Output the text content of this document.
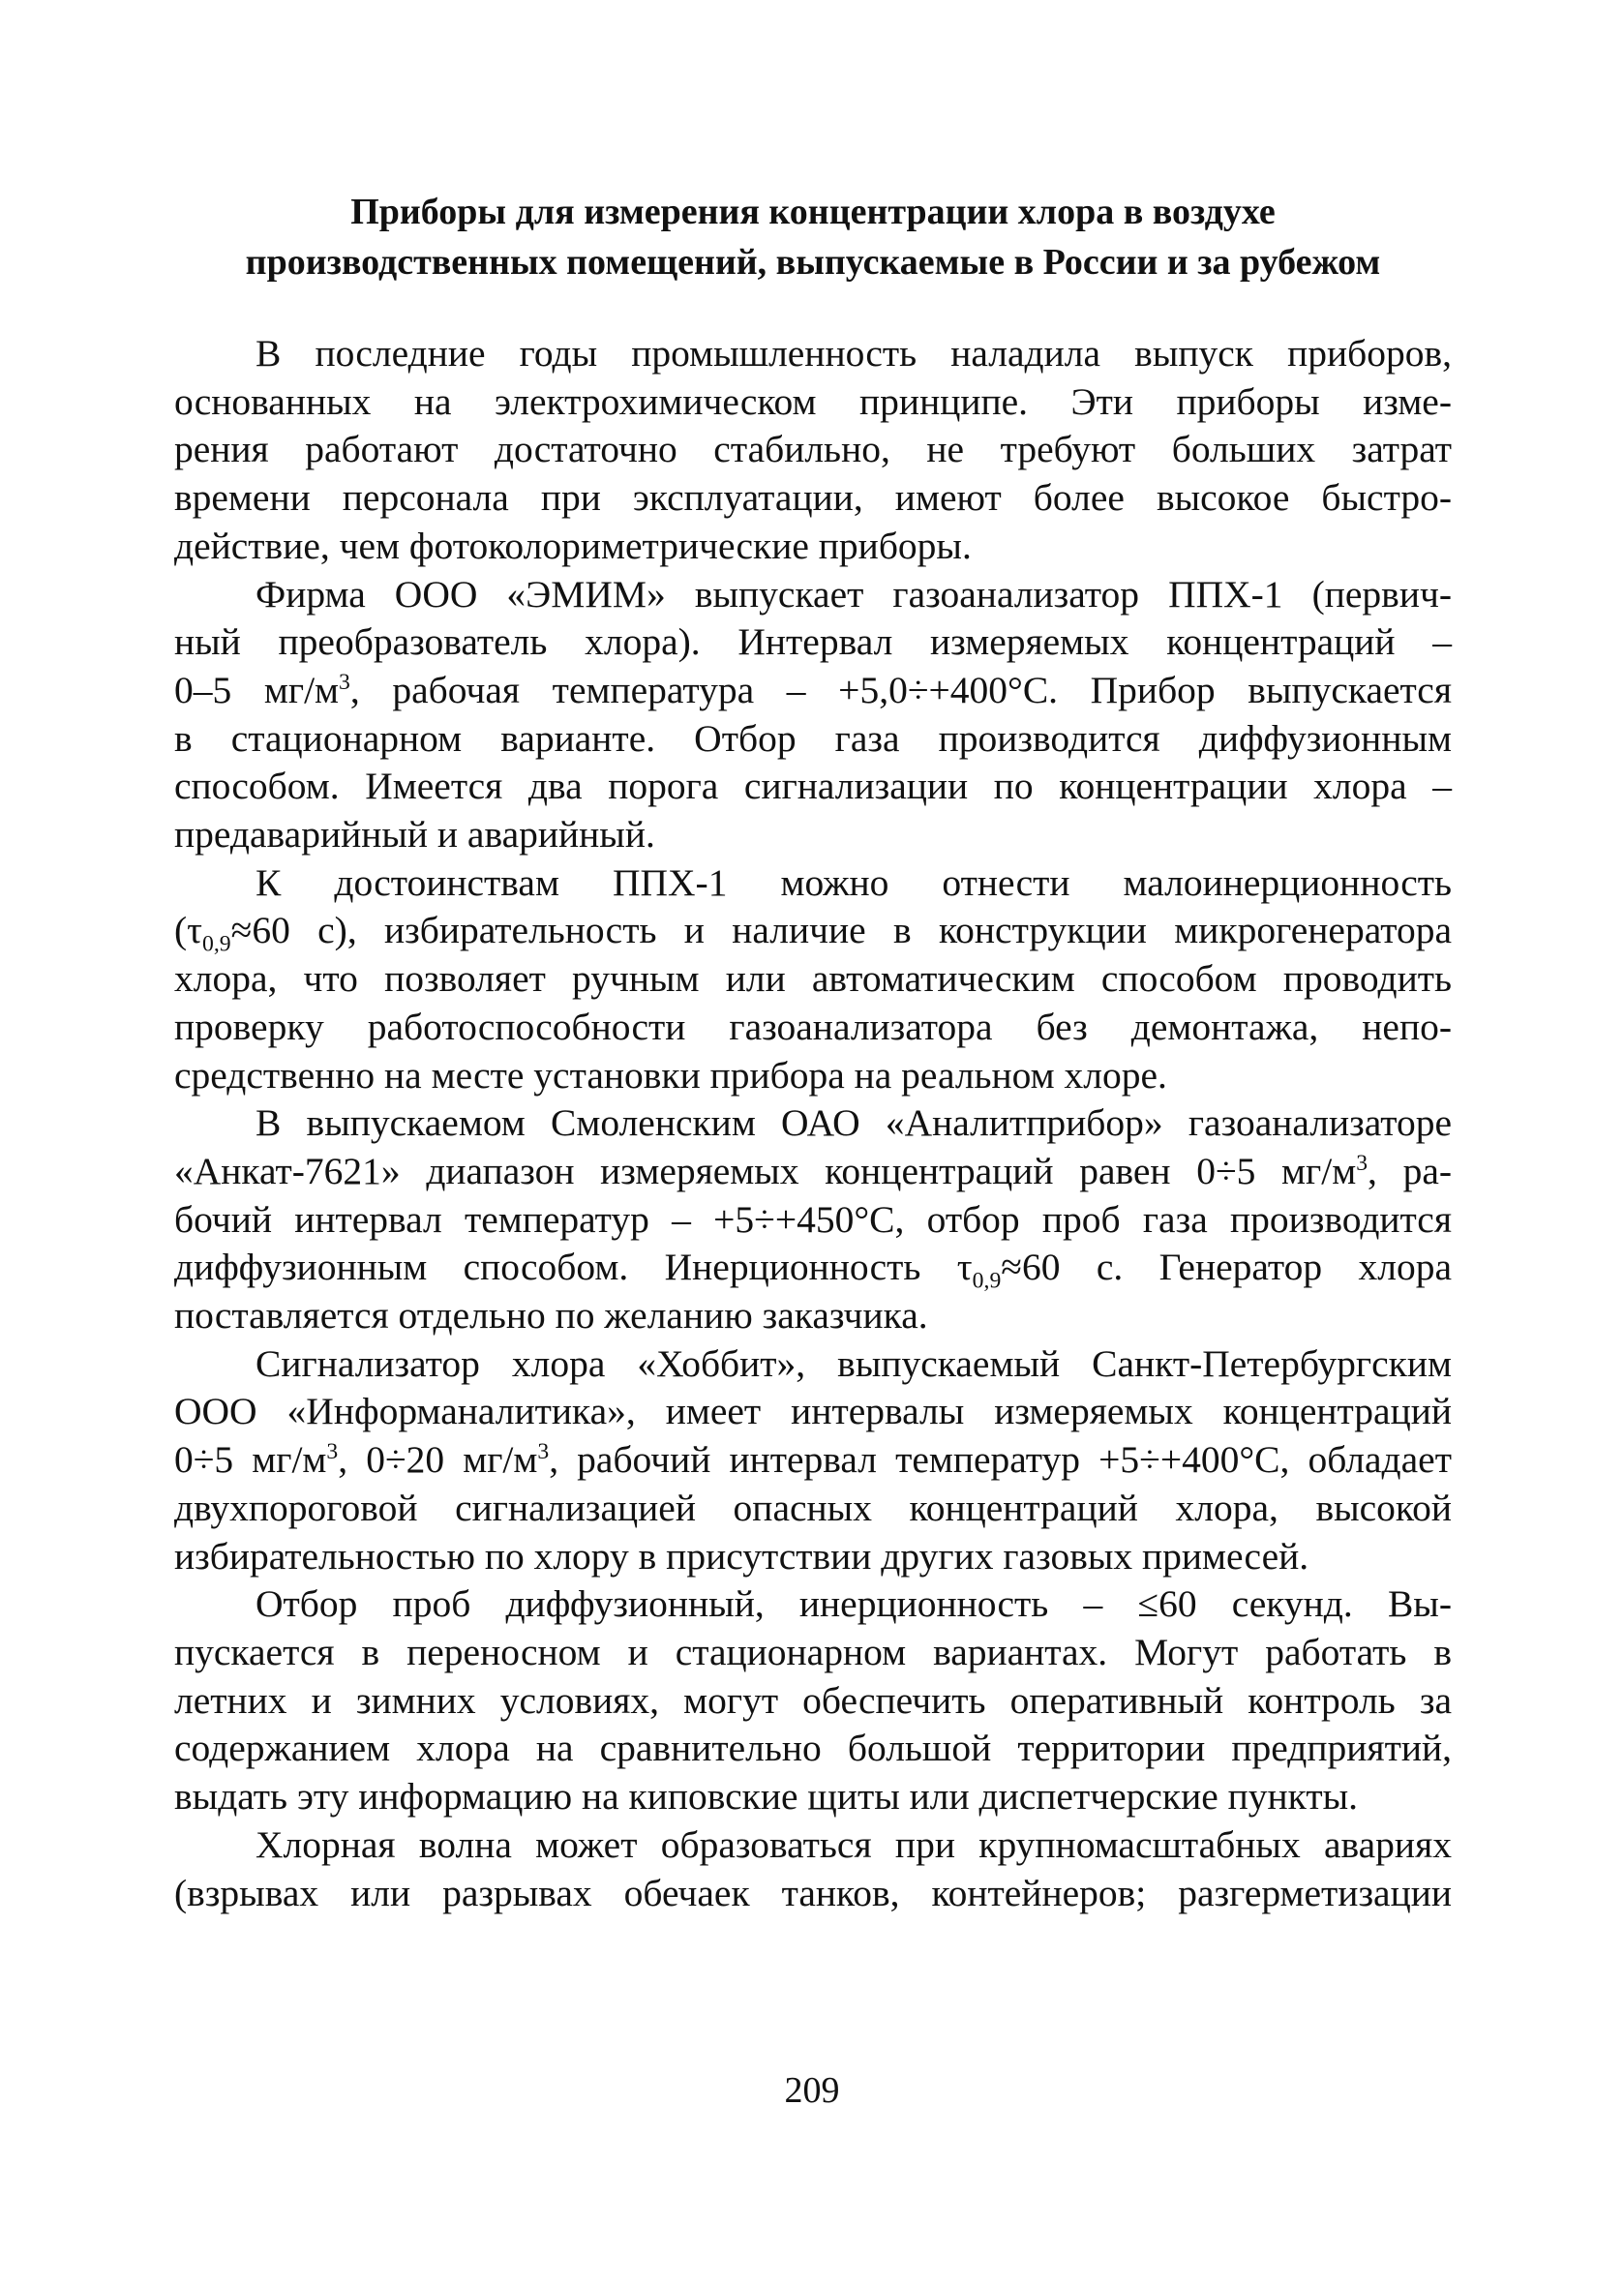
Приборы для измерения концентрации хлора в воздухе
производственных помещений, выпускаемые в России и за рубежом
В последние годы промышленность наладила выпуск приборов,
основанных на электрохимическом принципе. Эти приборы изме-
рения работают достаточно стабильно, не требуют больших затрат
времени персонала при эксплуатации, имеют более высокое быстро-
действие, чем фотоколориметрические приборы.
Фирма ООО «ЭМИМ» выпускает газоанализатор ППХ-1 (первич-
ный преобразователь хлора). Интервал измеряемых концентраций –
0–5 $мг/м^3$, рабочая температура – +5,0÷+400°С. Прибор выпускается
в стационарном варианте. Отбор газа производится диффузионным
способом. Имеется два порога сигнализации по концентрации хлора –
предаварийный и аварийный.
К достоинствам ППХ-1 можно отнести малоинерционность
($\tau_{0,9}\approx 60$ с), избирательность и наличие в конструкции микрогенератора
хлора, что позволяет ручным или автоматическим способом проводить
проверку работоспособности газоанализатора без демонтажа, непо-
средственно на месте установки прибора на реальном хлоре.
В выпускаемом Смоленским ОАО «Аналитприбор» газоанализаторе
«Анкат-7621» диапазон измеряемых концентраций равен 0÷5 $мг/м^3$, ра-
бочий интервал температур – +5÷+450°С, отбор проб газа производится
диффузионным способом. Инерционность $\tau_{0,9}\approx 60$ с. Генератор хлора
поставляется отдельно по желанию заказчика.
Сигнализатор хлора «Хоббит», выпускаемый Санкт-Петербургским
ООО «Информаналитика», имеет интервалы измеряемых концентраций
0÷5 $мг/м^3$, 0÷20 $мг/м^3$, рабочий интервал температур +5÷+400°С, обладает
двухпороговой сигнализацией опасных концентраций хлора, высокой
избирательностью по хлору в присутствии других газовых примесей.
Отбор проб диффузионный, инерционность – ≤60 секунд. Вы-
пускается в переносном и стационарном вариантах. Могут работать в
летних и зимних условиях, могут обеспечить оперативный контроль за
содержанием хлора на сравнительно большой территории предприятий,
выдать эту информацию на киповские щиты или диспетчерские пункты.
Хлорная волна может образоваться при крупномасштабных авариях
(взрывах или разрывах обечаек танков, контейнеров; разгерметизации
209
